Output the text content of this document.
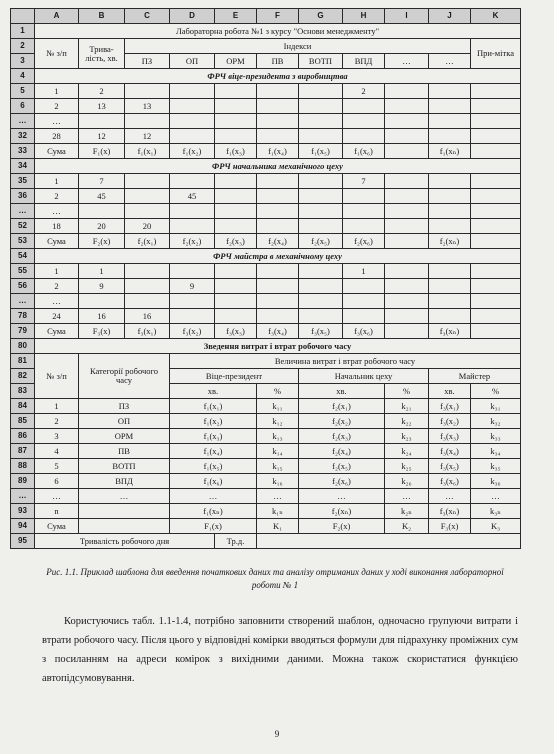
	A	B	C	D	E	F	G	H	I	J	K
1	Лабораторна робота №1 з курсу "Основи менеджменту"										
2	№ з/п	Трива-лість, хв.	Індекси								При-мітка
3			ПЗ	ОП	ОРМ	ПВ	ВОТП	ВПД	…	…	
4	ФРЧ віце-президента з виробництва										
5	1	2						2			
6	2	13	13								
…	…										
32	28	12	12								
33	Сума	F₁(x)	f₁(x₁)	f₁(x₂)	f₁(x₃)	f₁(x₄)	f₁(x₅)	f₁(x₆)		f₁(xₙ)	
34	ФРЧ начальника механічного цеху										
35	1	7						7			
36	2	45		45							
…	…										
52	18	20	20								
53	Сума	F₂(x)	f₂(x₁)	f₂(x₂)	f₂(x₃)	f₂(x₄)	f₂(x₅)	f₂(x₆)		f₂(xₙ)	
54	ФРЧ майстра в механічному цеху										
55	1	1						1			
56	2	9		9							
…	…										
78	24	16	16								
79	Сума	F₃(x)	f₃(x₁)	f₃(x₂)	f₃(x₃)	f₃(x₄)	f₃(x₅)	f₃(x₆)		f₃(xₙ)	
80	Зведення витрат і втрат робочого часу										
81	№ з/п	Категорії робочого часу		Величина витрат і втрат робочого часу							
82				Віце-президент			Начальник цеху			Майстер	
83				хв.		%	хв.		%	хв.	%
84	1	ПЗ		f₁(x₁)		k₁₁	f₂(x₁)		k₂₁	f₃(x₁)	k₃₁
85	2	ОП		f₁(x₂)		k₁₂	f₂(x₂)		k₂₂	f₃(x₂)	k₃₂
86	3	ОРМ		f₁(x₃)		k₁₃	f₂(x₃)		k₂₃	f₃(x₃)	k₃₃
87	4	ПВ		f₁(x₄)		k₁₄	f₂(x₄)		k₂₄	f₃(x₄)	k₃₄
88	5	ВОТП		f₁(x₅)		k₁₅	f₂(x₅)		k₂₅	f₃(x₅)	k₃₅
89	6	ВПД		f₁(x₆)		k₁₆	f₂(x₆)		k₂₆	f₃(x₆)	k₃₆
…	…	…		…		…	…		…	…	…
93	n			f₁(xₙ)		k₁ₙ	f₂(xₙ)		k₂ₙ	f₃(xₙ)	k₃ₙ
94	Сума			F₁(x)		K₁	F₂(x)		K₂	F₃(x)	K₃
95	Тривалість робочого дня				Тр.д.						
Рис. 1.1. Приклад шаблона для введення початкових даних та аналізу отриманих даних у ході виконання лабораторної роботи № 1
Користуючись табл. 1.1-1.4, потрібно заповнити створений шаблон, одночасно групуючи витрати і втрати робочого часу. Після цього у відповідні комірки вводяться формули для підрахунку проміжних сум з посиланням на адреси комірок з вихідними даними. Можна також скористатися функцією автопідсумовування.
9
